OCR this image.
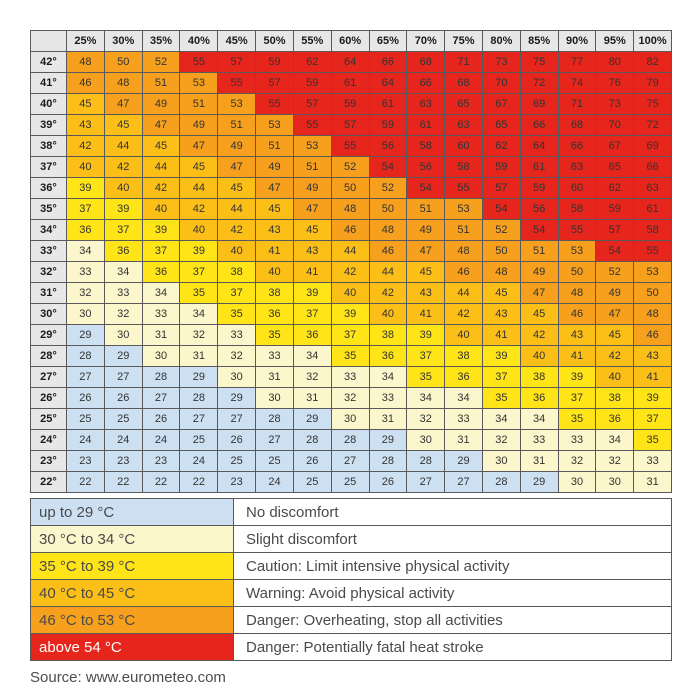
	25%	30%	35%	40%	45%	50%	55%	60%	65%	70%	75%	80%	85%	90%	95%	100%
42°	48	50	52	55	57	59	62	64	66	68	71	73	75	77	80	82
41°	46	48	51	53	55	57	59	61	64	66	68	70	72	74	76	79
40°	45	47	49	51	53	55	57	59	61	63	65	67	69	71	73	75
39°	43	45	47	49	51	53	55	57	59	61	63	65	66	68	70	72
38°	42	44	45	47	49	51	53	55	56	58	60	62	64	66	67	69
37°	40	42	44	45	47	49	51	52	54	56	58	59	61	63	65	66
36°	39	40	42	44	45	47	49	50	52	54	55	57	59	60	62	63
35°	37	39	40	42	44	45	47	48	50	51	53	54	56	58	59	61
34°	36	37	39	40	42	43	45	46	48	49	51	52	54	55	57	58
33°	34	36	37	39	40	41	43	44	46	47	48	50	51	53	54	55
32°	33	34	36	37	38	40	41	42	44	45	46	48	49	50	52	53
31°	32	33	34	35	37	38	39	40	42	43	44	45	47	48	49	50
30°	30	32	33	34	35	36	37	39	40	41	42	43	45	46	47	48
29°	29	30	31	32	33	35	36	37	38	39	40	41	42	43	45	46
28°	28	29	30	31	32	33	34	35	36	37	38	39	40	41	42	43
27°	27	27	28	29	30	31	32	33	34	35	36	37	38	39	40	41
26°	26	26	27	28	29	30	31	32	33	34	34	35	36	37	38	39
25°	25	25	26	27	27	28	29	30	31	32	33	34	34	35	36	37
24°	24	24	24	25	26	27	28	28	29	30	31	32	33	33	34	35
23°	23	23	23	24	25	25	26	27	28	28	29	30	31	32	32	33
22°	22	22	22	22	23	24	25	25	26	27	27	28	29	30	30	31
up to 29 °C	No discomfort
30 °C to 34 °C	Slight discomfort
35 °C to 39 °C	Caution: Limit intensive physical activity
40 °C to 45 °C	Warning: Avoid physical activity
46 °C to 53 °C	Danger: Overheating, stop all activities
above 54 °C	Danger: Potentially fatal heat stroke
Source: www.eurometeo.com
